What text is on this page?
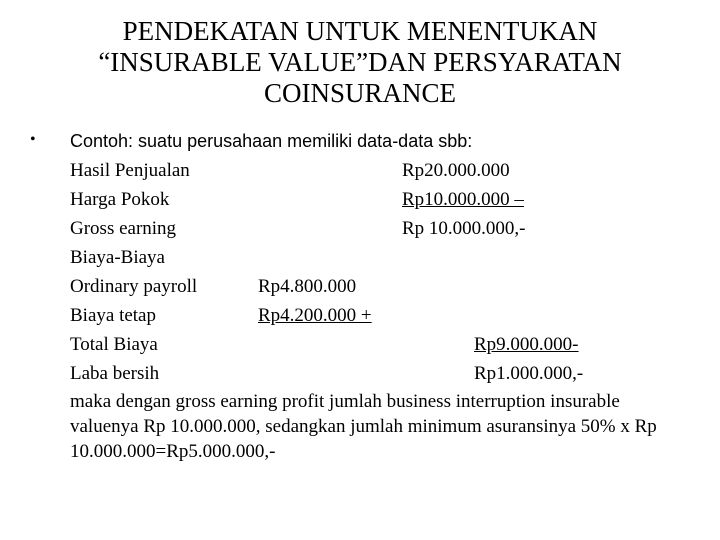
PENDEKATAN UNTUK MENENTUKAN
“INSURABLE VALUE”DAN PERSYARATAN
COINSURANCE
• Contoh: suatu perusahaan memiliki data-data sbb:
Hasil Penjualan	Rp20.000.000
Harga Pokok	Rp10.000.000 –
Gross earning	Rp 10.000.000,-
Biaya-Biaya
Ordinary payroll	Rp4.800.000
Biaya tetap	Rp4.200.000 +
Total Biaya	Rp9.000.000-
Laba bersih	Rp1.000.000,-
maka dengan gross earning profit jumlah business interruption insurable valuenya Rp 10.000.000, sedangkan jumlah minimum asuransinya 50% x Rp 10.000.000=Rp5.000.000,-
